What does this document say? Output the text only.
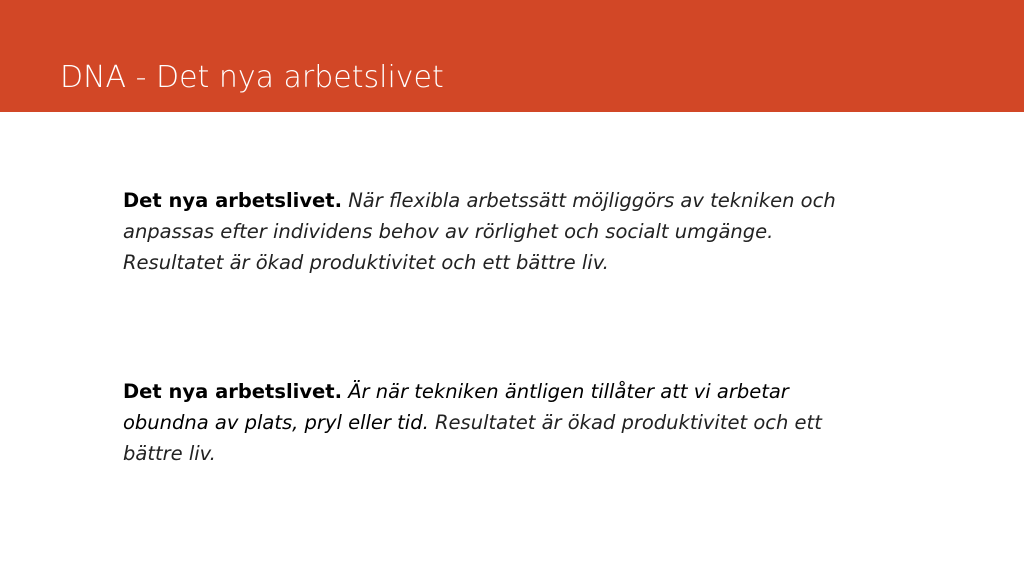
DNA - Det nya arbetslivet

Det nya arbetslivet. När flexibla arbetssätt möjliggörs av tekniken och anpassas efter individens behov av rörlighet och socialt umgänge. Resultatet är ökad produktivitet och ett bättre liv.

Det nya arbetslivet. Är när tekniken äntligen tillåter att vi arbetar obundna av plats, pryl eller tid. Resultatet är ökad produktivitet och ett bättre liv.
